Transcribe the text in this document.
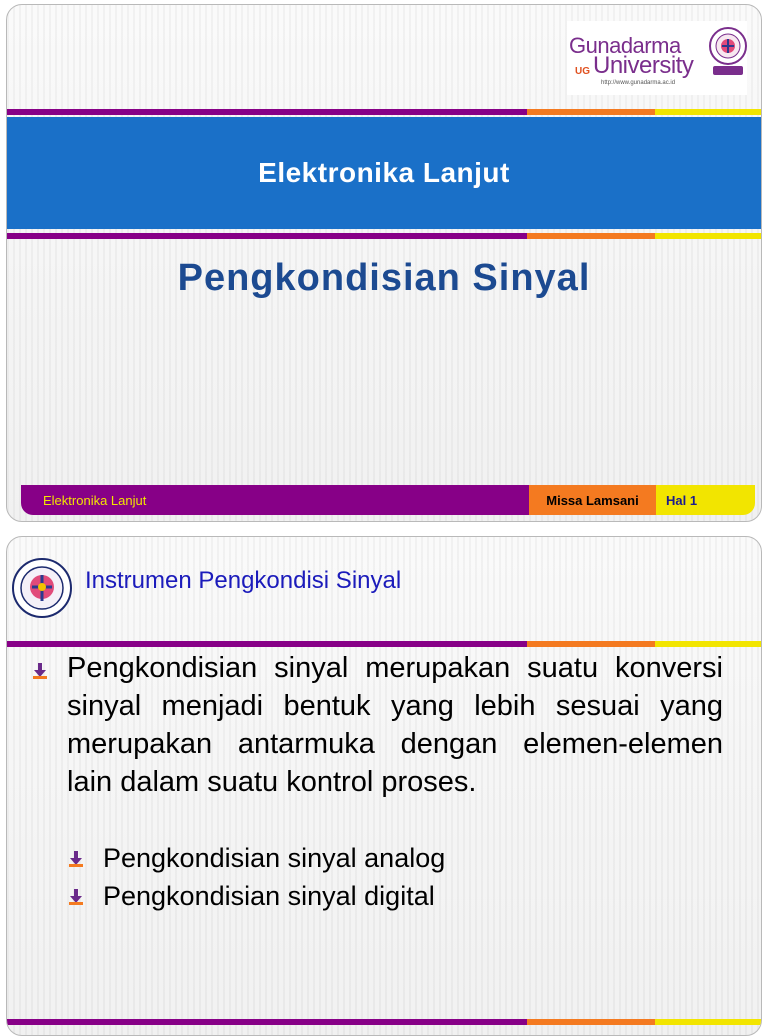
Gunadarma
UG University
http://www.gunadarma.ac.id
Elektronika Lanjut
Pengkondisian Sinyal
Elektronika Lanjut	Missa Lamsani	Hal 1
Instrumen Pengkondisi Sinyal
Pengkondisian sinyal merupakan suatu konversi sinyal menjadi bentuk yang lebih sesuai yang merupakan antarmuka dengan elemen-elemen lain dalam suatu kontrol proses.
Pengkondisian sinyal analog
Pengkondisian sinyal digital
